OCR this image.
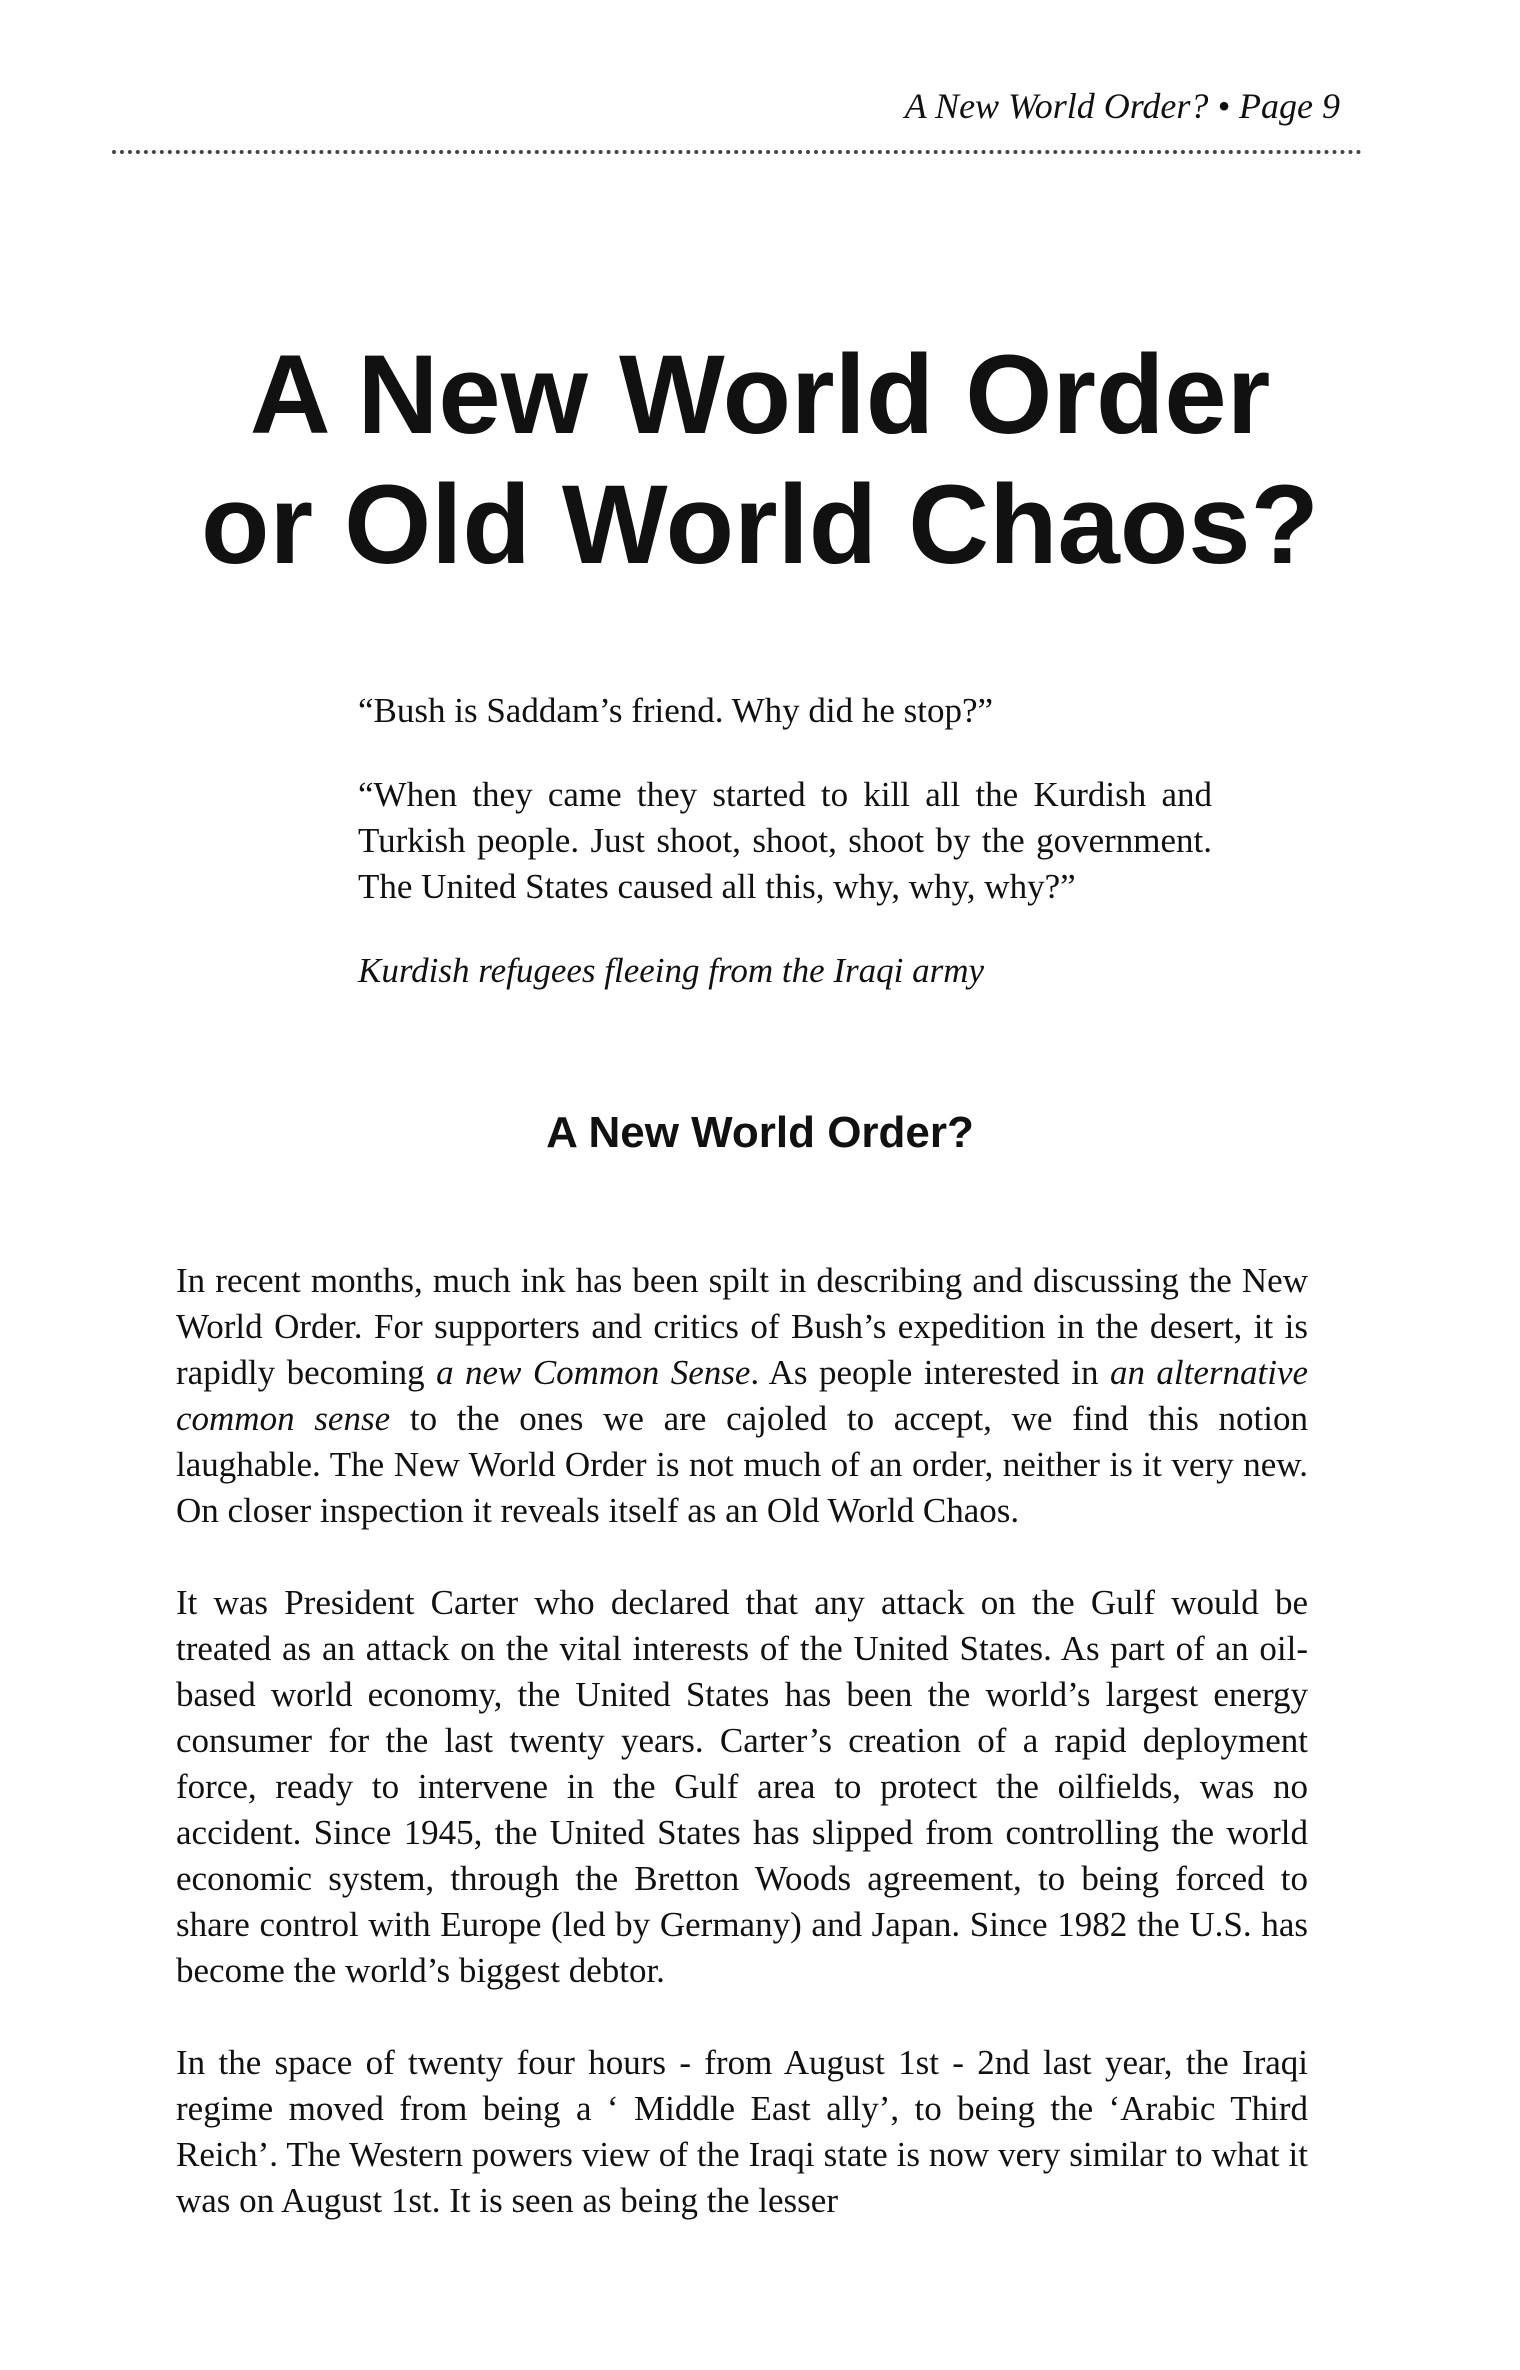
A New World Order? • Page 9
A New World Order
or Old World Chaos?

“Bush is Saddam’s friend. Why did he stop?”

“When they came they started to kill all the Kurdish and Turkish people. Just shoot, shoot, shoot by the government. The United States caused all this, why, why, why?”

Kurdish refugees fleeing from the Iraqi army

A New World Order?

In recent months, much ink has been spilt in describing and discussing the New World Order. For supporters and critics of Bush’s expedition in the desert, it is rapidly becoming a new Common Sense. As people interested in an alternative common sense to the ones we are cajoled to accept, we find this notion laughable. The New World Order is not much of an order, neither is it very new. On closer inspection it reveals itself as an Old World Chaos.

It was President Carter who declared that any attack on the Gulf would be treated as an attack on the vital interests of the United States. As part of an oil-based world economy, the United States has been the world’s largest energy consumer for the last twenty years. Carter’s creation of a rapid deployment force, ready to intervene in the Gulf area to protect the oilfields, was no accident. Since 1945, the United States has slipped from controlling the world economic system, through the Bretton Woods agreement, to being forced to share control with Europe (led by Germany) and Japan. Since 1982 the U.S. has become the world’s biggest debtor.

In the space of twenty four hours - from August 1st - 2nd last year, the Iraqi regime moved from being a ‘ Middle East ally’, to being the ‘Arabic Third Reich’. The Western powers view of the Iraqi state is now very similar to what it was on August 1st. It is seen as being the lesser
